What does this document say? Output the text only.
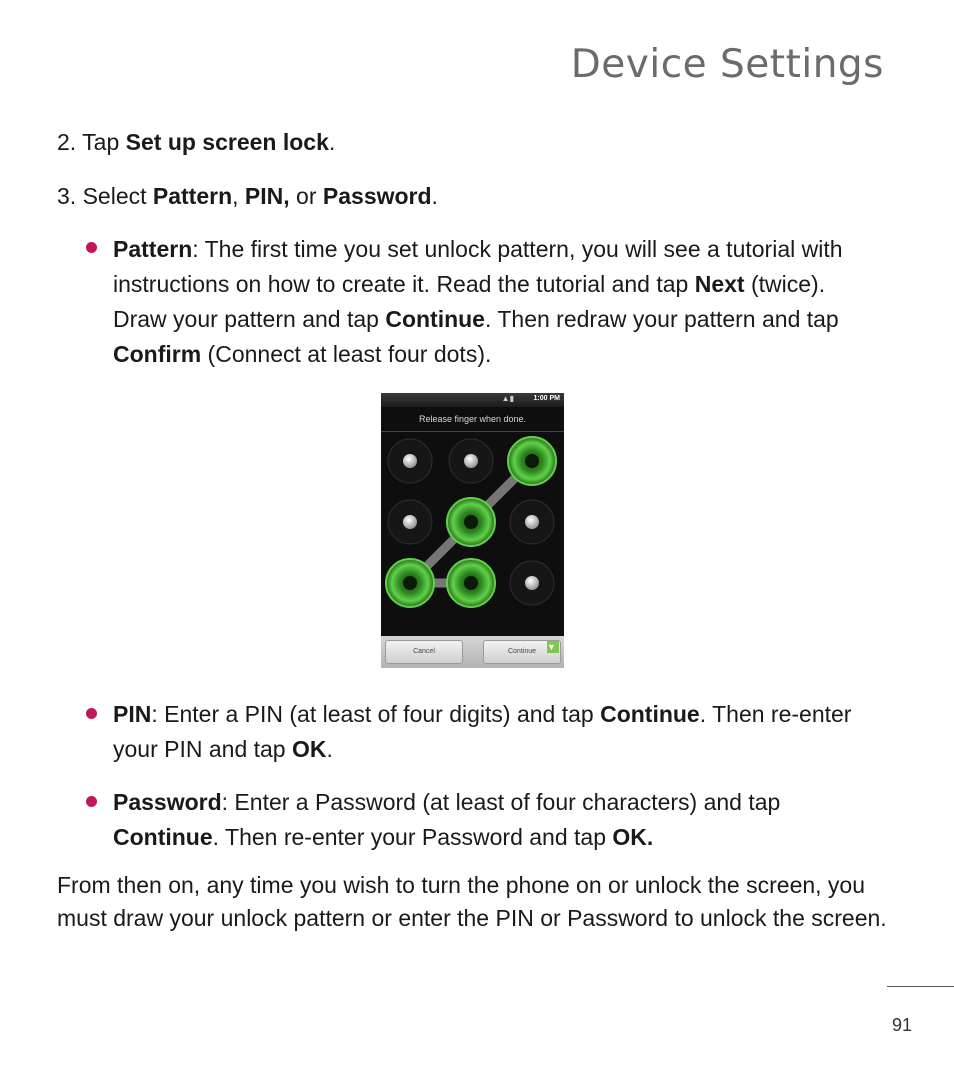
Device Settings
2. Tap Set up screen lock.
3. Select Pattern, PIN, or Password.
Pattern: The first time you set unlock pattern, you will see a tutorial with instructions on how to create it. Read the tutorial and tap Next (twice). Draw your pattern and tap Continue. Then redraw your pattern and tap Confirm (Connect at least four dots).
▲▮	1:00 PM
Release finger when done.
Cancel	Continue	▼
PIN: Enter a PIN (at least of four digits) and tap Continue. Then re-enter your PIN and tap OK.
Password: Enter a Password (at least of four characters) and tap Continue. Then re-enter your Password and tap OK.
From then on, any time you wish to turn the phone on or unlock the screen, you must draw your unlock pattern or enter the PIN or Password to unlock the screen.
91
